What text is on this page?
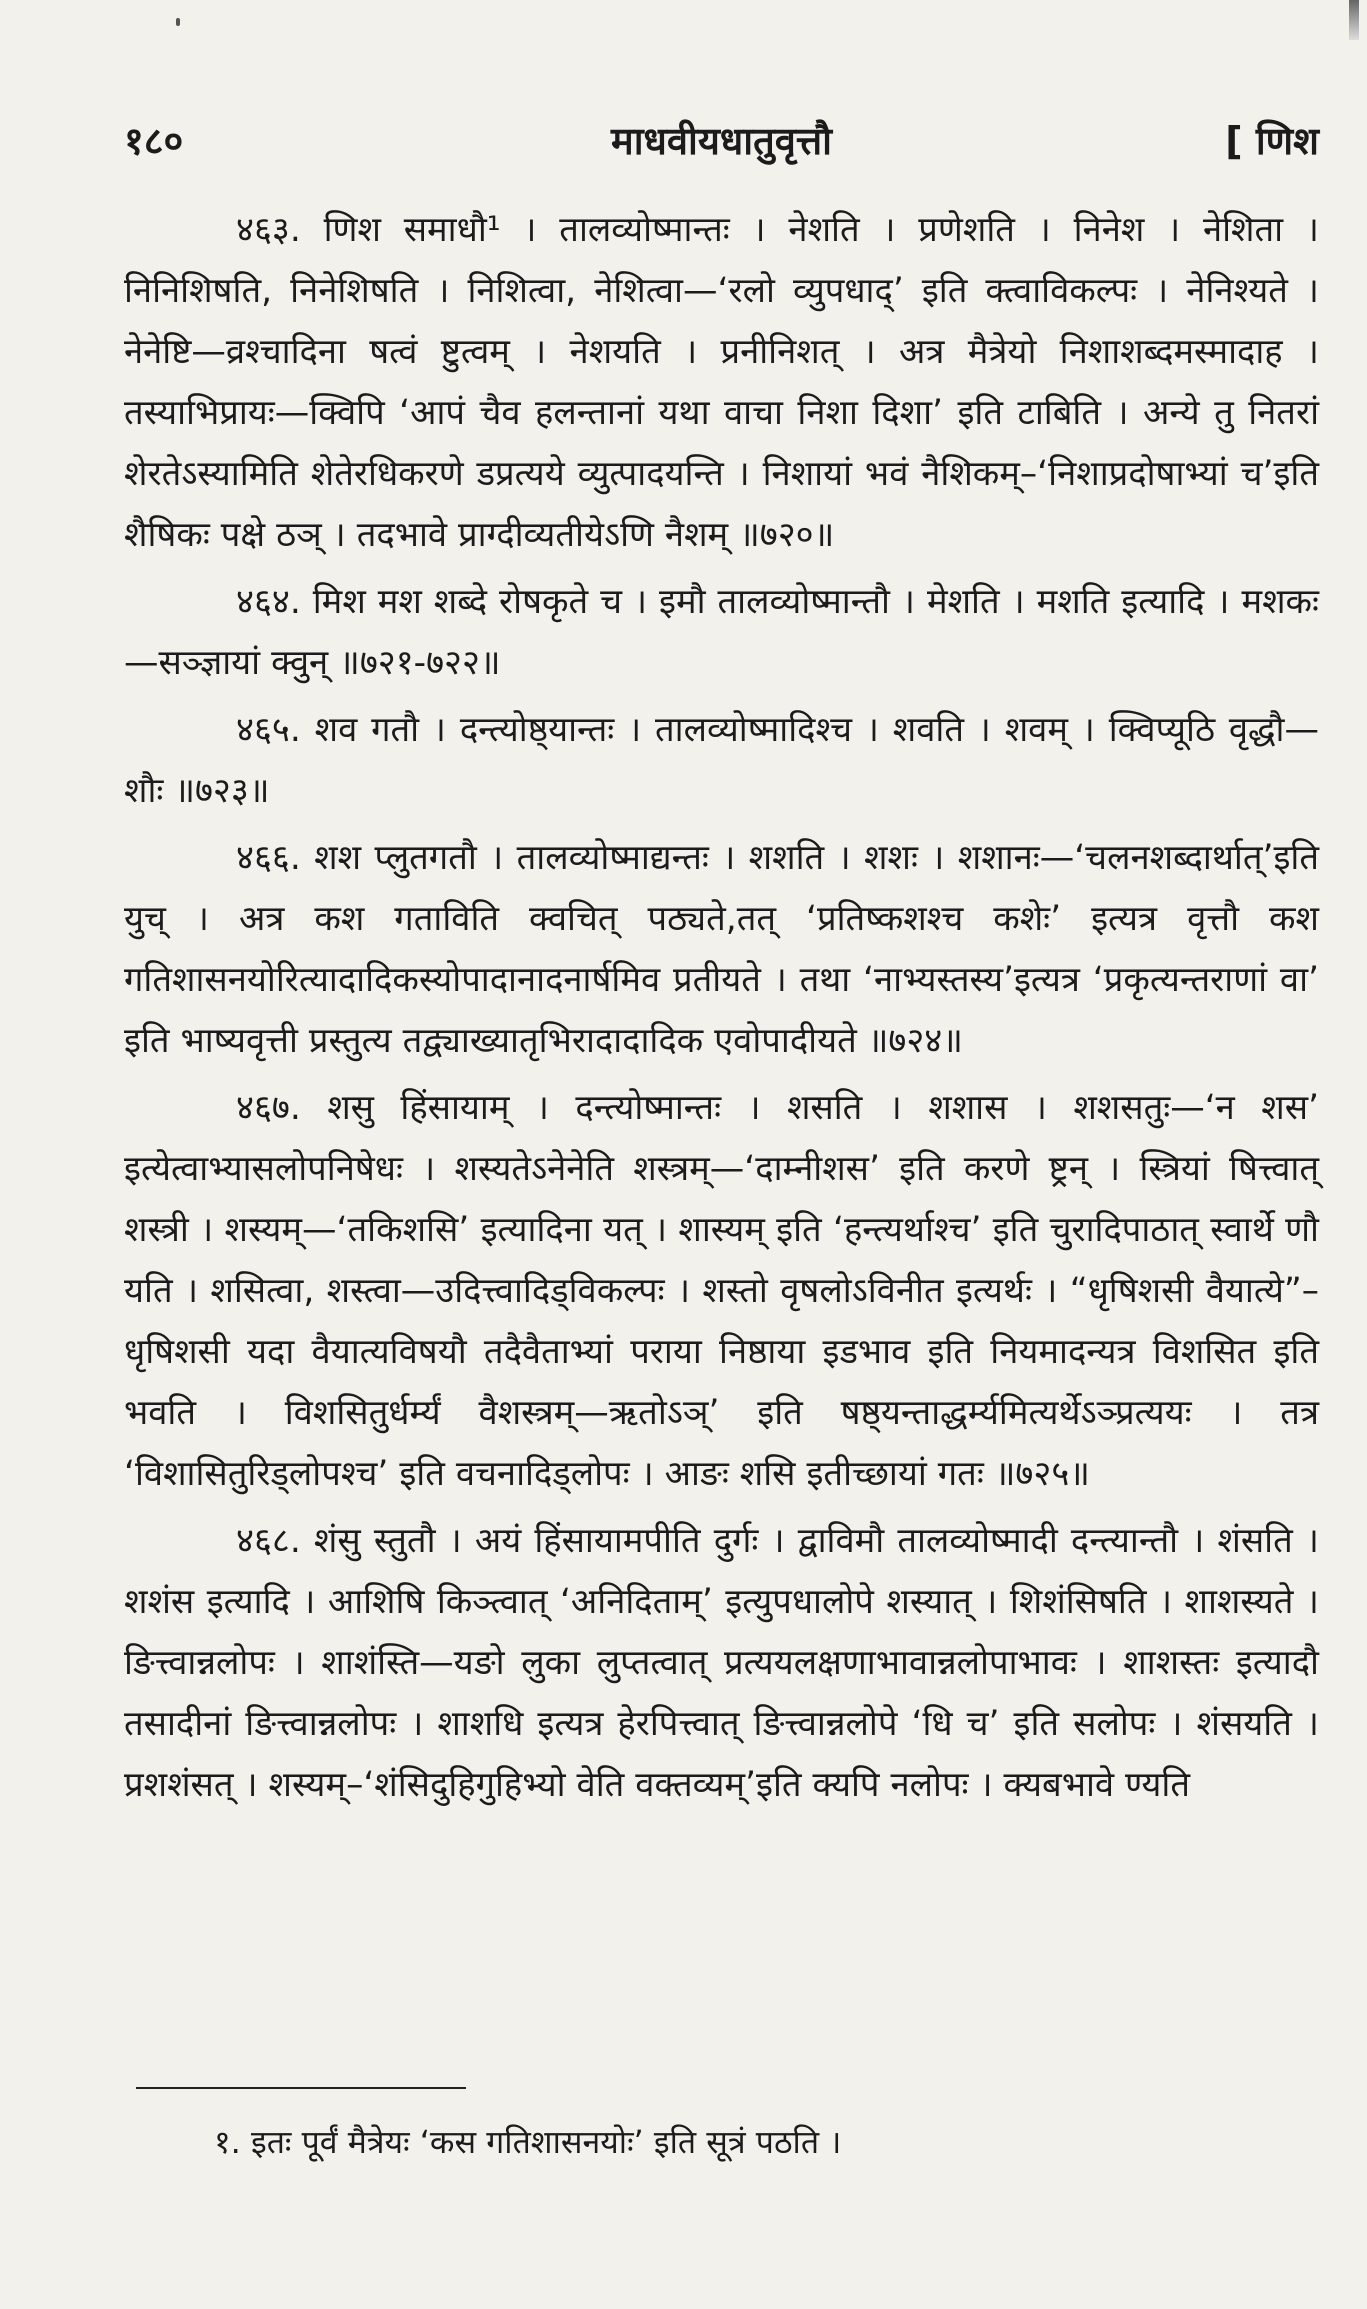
१८०	माधवीयधातुवृत्तौ	[ णिश

४६३. णिश समाधौ¹ । तालव्योष्मान्तः । नेशति । प्रणेशति । निनेश । नेशिता । निनिशिषति, निनेशिषति । निशित्वा, नेशित्वा—‘रलो व्युपधाद्’ इति क्त्वाविकल्पः । नेनिश्यते । नेनेष्टि—व्रश्चादिना षत्वं ष्टुत्वम् । नेशयति । प्रनीनिशत् । अत्र मैत्रेयो निशाशब्दमस्मादाह । तस्याभिप्रायः—क्विपि ‘आपं चैव हलन्तानां यथा वाचा निशा दिशा’ इति टाबिति । अन्ये तु नितरां शेरतेऽस्यामिति शेतेरधिकरणे डप्रत्यये व्युत्पादयन्ति । निशायां भवं नैशिकम्–‘निशाप्रदोषाभ्यां च’इति शैषिकः पक्षे ठञ् । तदभावे प्राग्दीव्यतीयेऽणि नैशम् ॥७२०॥

४६४. मिश मश शब्दे रोषकृते च । इमौ तालव्योष्मान्तौ । मेशति । मशति इत्यादि । मशकः—सञ्ज्ञायां क्वुन् ॥७२१-७२२॥

४६५. शव गतौ । दन्त्योष्ठ्यान्तः । तालव्योष्मादिश्च । शवति । शवम् । क्विप्यूठि वृद्धौ—शौः ॥७२३॥

४६६. शश प्लुतगतौ । तालव्योष्माद्यन्तः । शशति । शशः । शशानः—‘चलनशब्दार्थात्’इति युच् । अत्र कश गताविति क्वचित् पठ्यते,तत् ‘प्रतिष्कशश्च कशेः’ इत्यत्र वृत्तौ कश गतिशासनयोरित्यादादिकस्योपादानादनार्षमिव प्रतीयते । तथा ‘नाभ्यस्तस्य’इत्यत्र ‘प्रकृत्यन्तराणां वा’ इति भाष्यवृत्ती प्रस्तुत्य तद्व्याख्यातृभिरादादादिक एवोपादीयते ॥७२४॥

४६७. शसु हिंसायाम् । दन्त्योष्मान्तः । शसति । शशास । शशसतुः—‘न शस’ इत्येत्वाभ्यासलोपनिषेधः । शस्यतेऽनेनेति शस्त्रम्—‘दाम्नीशस’ इति करणे ष्ट्रन् । स्त्रियां षित्त्वात् शस्त्री । शस्यम्—‘तकिशसि’ इत्यादिना यत् । शास्यम् इति ‘हन्त्यर्थाश्च’ इति चुरादिपाठात् स्वार्थे णौ यति । शसित्वा, शस्त्वा—उदित्त्वादिड्विकल्पः । शस्तो वृषलोऽविनीत इत्यर्थः । “धृषिशसी वैयात्ये”–धृषिशसी यदा वैयात्यविषयौ तदैवैताभ्यां पराया निष्ठाया इडभाव इति नियमादन्यत्र विशसित इति भवति । विशसितुर्धर्म्यं वैशस्त्रम्—ऋतोऽञ्’ इति षष्ठ्यन्ताद्धर्म्यमित्यर्थेऽञ्प्रत्ययः । तत्र ‘विशासितुरिड्लोपश्च’ इति वचनादिड्लोपः । आङः शसि इतीच्छायां गतः ॥७२५॥

४६८. शंसु स्तुतौ । अयं हिंसायामपीति दुर्गः । द्वाविमौ तालव्योष्मादी दन्त्यान्तौ । शंसति । शशंस इत्यादि । आशिषि किञ्त्वात् ‘अनिदिताम्’ इत्युपधालोपे शस्यात् । शिशंसिषति । शाशस्यते । ङित्त्वान्नलोपः । शाशंस्ति—यङो लुका लुप्तत्वात् प्रत्ययलक्षणाभावान्नलोपाभावः । शाशस्तः इत्यादौ तसादीनां ङित्त्वान्नलोपः । शाशधि इत्यत्र हेरपित्त्वात् ङित्त्वान्नलोपे ‘धि च’ इति सलोपः । शंसयति । प्रशशंसत् । शस्यम्–‘शंसिदुहिगुहिभ्यो वेति वक्तव्यम्’इति क्यपि नलोपः । क्यबभावे ण्यति

१. इतः पूर्वं मैत्रेयः ‘कस गतिशासनयोः’ इति सूत्रं पठति ।
